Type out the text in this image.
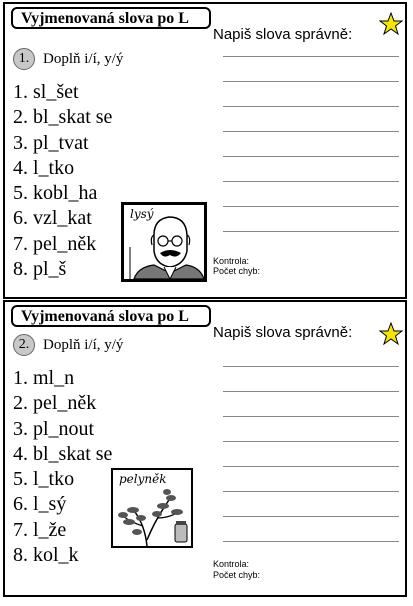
Vyjmenovaná slova po L
1. Doplň i/í, y/ý
1. sl_šet
2. bl_skat se
3. pl_tvat
4. l_tko
5. kobl_ha
6. vzl_kat
7. pel_něk
8. pl_š
Napiš slova správně:
Kontrola:
Počet chyb:
lysý
Vyjmenovaná slova po L
2. Doplň i/í, y/ý
1. ml_n
2. pel_něk
3. pl_nout
4. bl_skat se
5. l_tko
6. l_sý
7. l_že
8. kol_k
Napiš slova správně:
Kontrola:
Počet chyb:
pelyněk
